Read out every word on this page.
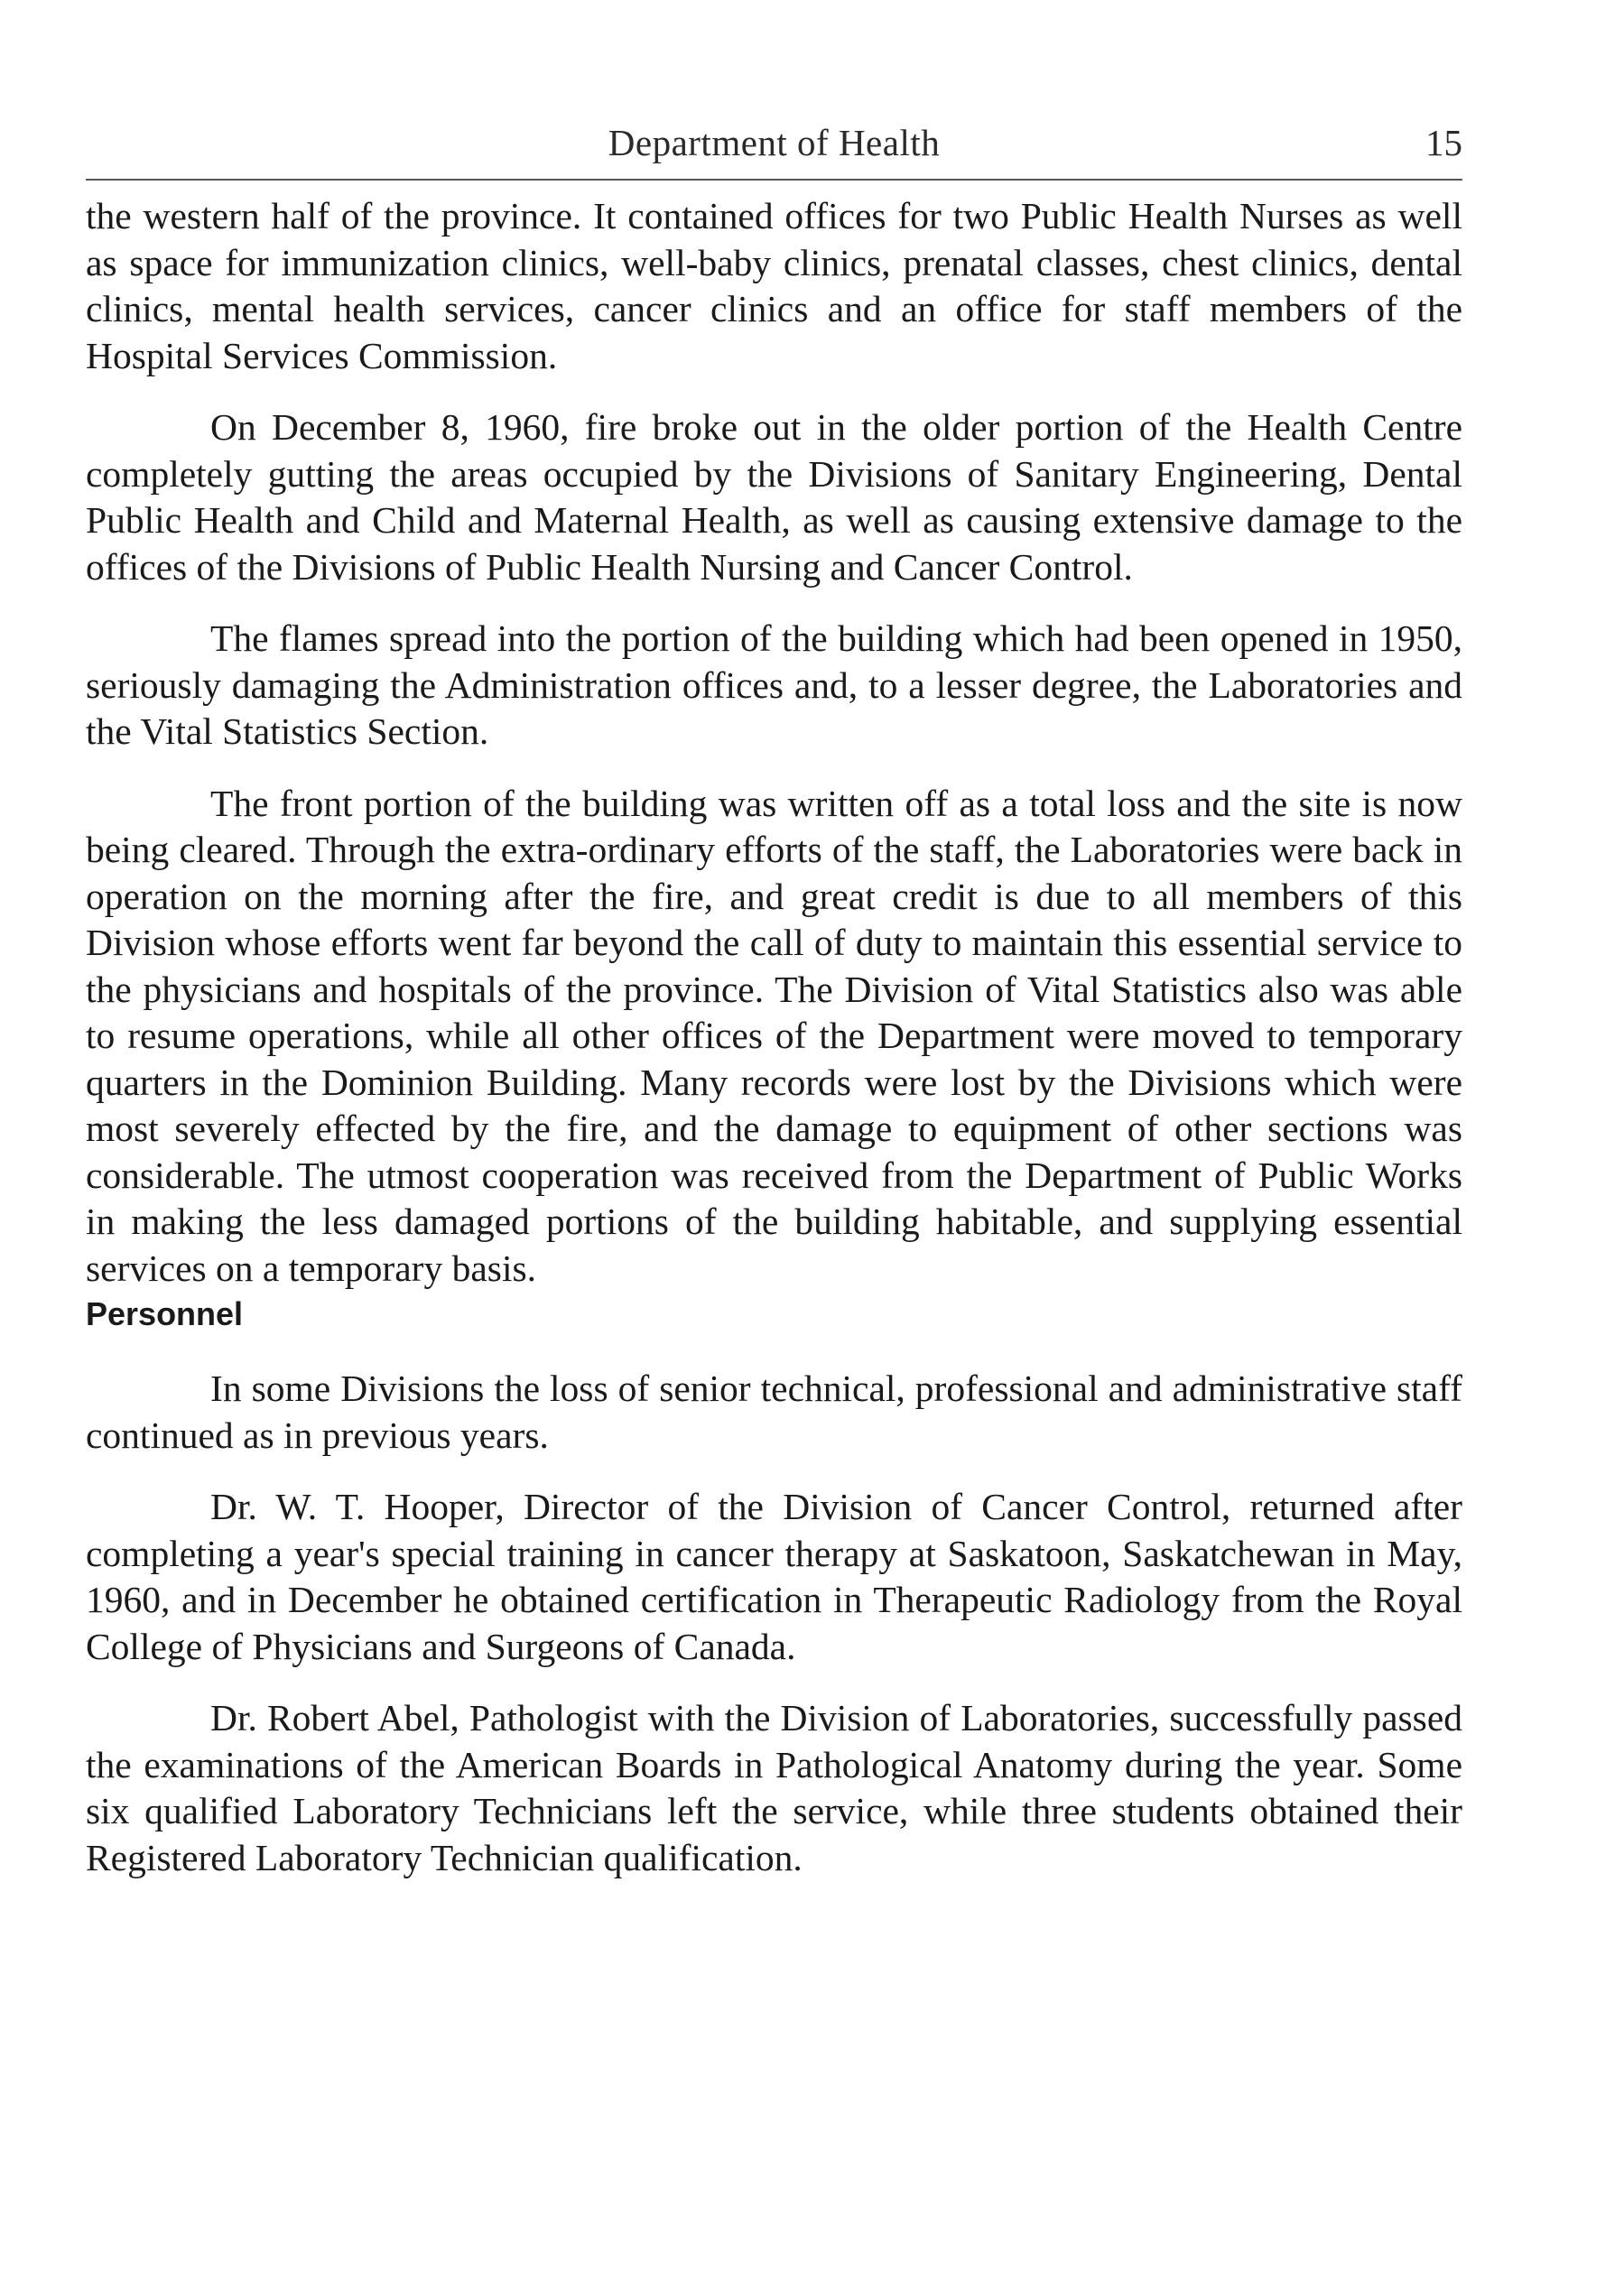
Department of Health	15

the western half of the province. It contained offices for two Public Health Nurses as well as space for immunization clinics, well-baby clinics, prenatal classes, chest clinics, dental clinics, mental health services, cancer clinics and an office for staff members of the Hospital Services Commission.

On December 8, 1960, fire broke out in the older portion of the Health Centre completely gutting the areas occupied by the Divisions of Sanitary Engineering, Dental Public Health and Child and Maternal Health, as well as causing extensive damage to the offices of the Divisions of Public Health Nursing and Cancer Control.

The flames spread into the portion of the building which had been opened in 1950, seriously damaging the Administration offices and, to a lesser degree, the Laboratories and the Vital Statistics Section.

The front portion of the building was written off as a total loss and the site is now being cleared. Through the extra-ordinary efforts of the staff, the Laboratories were back in operation on the morning after the fire, and great credit is due to all members of this Division whose efforts went far beyond the call of duty to maintain this essential service to the physicians and hospitals of the province. The Division of Vital Statistics also was able to resume operations, while all other offices of the Department were moved to temporary quarters in the Dominion Building. Many records were lost by the Divisions which were most severely effected by the fire, and the damage to equipment of other sections was considerable. The utmost cooperation was received from the Department of Public Works in making the less damaged portions of the building habitable, and supplying essential services on a temporary basis.

Personnel

In some Divisions the loss of senior technical, professional and administrative staff continued as in previous years.

Dr. W. T. Hooper, Director of the Division of Cancer Control, returned after completing a year's special training in cancer therapy at Saskatoon, Saskatchewan in May, 1960, and in December he obtained certification in Therapeutic Radiology from the Royal College of Physicians and Surgeons of Canada.

Dr. Robert Abel, Pathologist with the Division of Laboratories, successfully passed the examinations of the American Boards in Pathological Anatomy during the year. Some six qualified Laboratory Technicians left the service, while three students obtained their Registered Laboratory Technician qualification.
